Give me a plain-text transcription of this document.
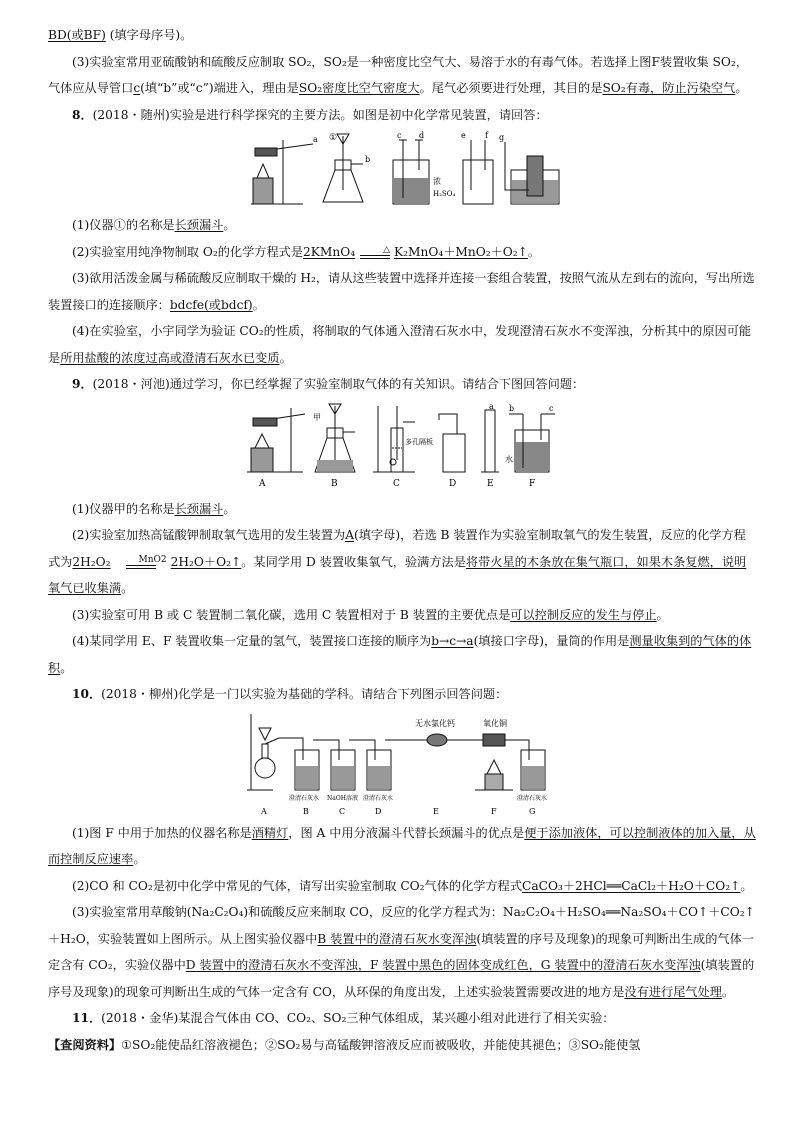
BD(或BF) (填字母序号)。

(3)实验室常用亚硫酸钠和硫酸反应制取 SO₂，SO₂是一种密度比空气大、易溶于水的有毒气体。若选择上图F装置收集 SO₂，气体应从导管口c(填“b”或“c”)端进入，理由是SO₂密度比空气密度大。尾气必须要进行处理，其目的是SO₂有毒，防止污染空气。

8．(2018・随州)实验是进行科学探究的主要方法。如图是初中化学常见装置，请回答：

a ①
b
c d
浓
H₂SO₄
e f g

(1)仪器①的名称是长颈漏斗。

(2)实验室用纯净物制取 O₂的化学方程式是2KMnO₄	△ K₂MnO₄＋MnO₂＋O₂↑。

(3)欲用活泼金属与稀硫酸反应制取干燥的 H₂，请从这些装置中选择并连接一套组合装置，按照气流从左到右的流向，写出所选装置接口的连接顺序：bdcfe(或bdcf)。

(4)在实验室，小宇同学为验证 CO₂的性质，将制取的气体通入澄清石灰水中，发现澄清石灰水不变浑浊，分析其中的原因可能是所用盐酸的浓度过高或澄清石灰水已变质。

9．(2018・河池)通过学习，你已经掌握了实验室制取气体的有关知识。请结合下图回答问题：

甲
多孔隔板
a b	c
水
A	B	C	D	E	F

(1)仪器甲的名称是长颈漏斗。

(2)实验室加热高锰酸钾制取氧气选用的发生装置为A(填字母)，若选 B 装置作为实验室制取氧气的发生装置，反应的化学方程式为2H₂O₂	MnO2 2H₂O＋O₂↑。某同学用 D 装置收集氧气，验满方法是将带火星的木条放在集气瓶口，如果木条复燃，说明氧气已收集满。

(3)实验室可用 B 或 C 装置制二氧化碳，选用 C 装置相对于 B 装置的主要优点是可以控制反应的发生与停止。

(4)某同学用 E、F 装置收集一定量的氢气，装置接口连接的顺序为b→c→a(填接口字母)，量筒的作用是测量收集到的气体的体积。

10．(2018・柳州)化学是一门以实验为基础的学科。请结合下列图示回答问题：

无水氯化钙	氧化铜
澄清石灰水 NaOH溶液 澄清石灰水	澄清石灰水
A	B	C	D	E	F	G

(1)图 F 中用于加热的仪器名称是酒精灯，图 A 中用分液漏斗代替长颈漏斗的优点是便于添加液体，可以控制液体的加入量，从而控制反应速率。

(2)CO 和 CO₂是初中化学中常见的气体，请写出实验室制取 CO₂气体的化学方程式CaCO₃＋2HCl══CaCl₂＋H₂O＋CO₂↑。

(3)实验室常用草酸钠(Na₂C₂O₄)和硫酸反应来制取 CO，反应的化学方程式为：Na₂C₂O₄＋H₂SO₄══Na₂SO₄＋CO↑＋CO₂↑＋H₂O，实验装置如上图所示。从上图实验仪器中B 装置中的澄清石灰水变浑浊(填装置的序号及现象)的现象可判断出生成的气体一定含有 CO₂，实验仪器中D 装置中的澄清石灰水不变浑浊，F 装置中黑色的固体变成红色，G 装置中的澄清石灰水变浑浊(填装置的序号及现象)的现象可判断出生成的气体一定含有 CO，从环保的角度出发，上述实验装置需要改进的地方是没有进行尾气处理。

11．(2018・金华)某混合气体由 CO、CO₂、SO₂三种气体组成，某兴趣小组对此进行了相关实验：

【查阅资料】①SO₂能使品红溶液褪色；②SO₂易与高锰酸钾溶液反应而被吸收，并能使其褪色；③SO₂能使氢
